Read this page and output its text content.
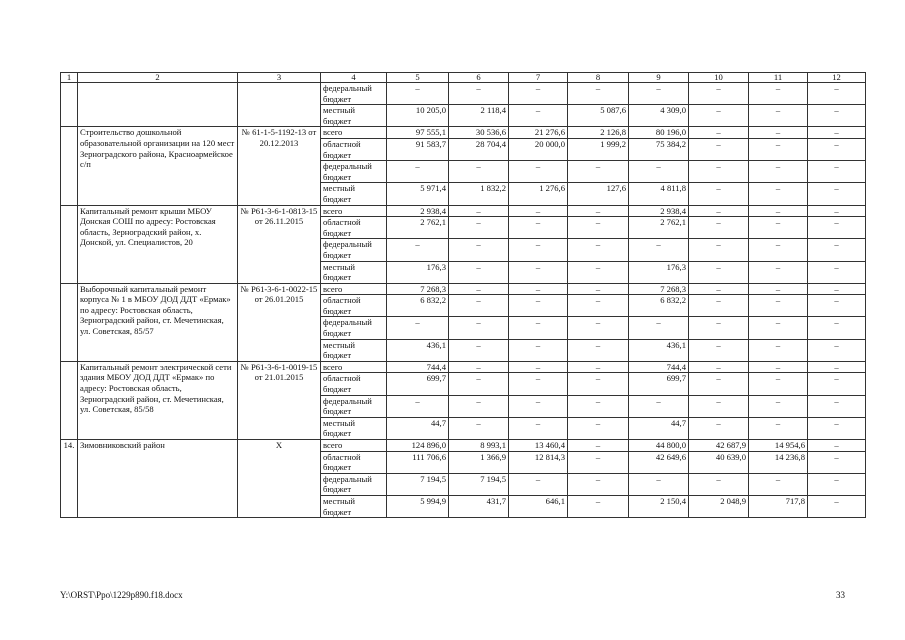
1	2	3	4	5	6	7	8	9	10	11	12
			федеральный бюджет	–	–	–	–	–	–	–	–
			местный бюджет	10 205,0	2 118,4	–	5 087,6	4 309,0	–	–	–
	Строительство дошкольной образовательной организации на 120 мест Зерноградского района, Красноармейское с/п	№ 61-1-5-1192-13 от 20.12.2013	всего	97 555,1	30 536,6	21 276,6	2 126,8	80 196,0	–	–	–
			областной бюджет	91 583,7	28 704,4	20 000,0	1 999,2	75 384,2	–	–	–
			федеральный бюджет	–	–	–	–	–	–	–	–
			местный бюджет	5 971,4	1 832,2	1 276,6	127,6	4 811,8	–	–	–
	Капитальный ремонт крыши МБОУ Донская СОШ по адресу: Ростовская область, Зерноградский район, х. Донской, ул. Специалистов, 20	№ Р61-3-6-1-0813-15 от 26.11.2015	всего	2 938,4	–	–	–	2 938,4	–	–	–
			областной бюджет	2 762,1	–	–	–	2 762,1	–	–	–
			федеральный бюджет	–	–	–	–	–	–	–	–
			местный бюджет	176,3	–	–	–	176,3	–	–	–
	Выборочный капитальный ремонт корпуса № 1 в МБОУ ДОД ДДТ «Ермак» по адресу: Ростовская область, Зерноградский район, ст. Мечетинская, ул. Советская, 85/57	№ Р61-3-6-1-0022-15 от 26.01.2015	всего	7 268,3	–	–	–	7 268,3	–	–	–
			областной бюджет	6 832,2	–	–	–	6 832,2	–	–	–
			федеральный бюджет	–	–	–	–	–	–	–	–
			местный бюджет	436,1	–	–	–	436,1	–	–	–
	Капитальный ремонт электрической сети здания МБОУ ДОД ДДТ «Ермак» по адресу: Ростовская область, Зерноградский район, ст. Мечетинская, ул. Советская, 85/58	№ Р61-3-6-1-0019-15 от 21.01.2015	всего	744,4	–	–	–	744,4	–	–	–
			областной бюджет	699,7	–	–	–	699,7	–	–	–
			федеральный бюджет	–	–	–	–	–	–	–	–
			местный бюджет	44,7	–	–	–	44,7	–	–	–
14.	Зимовниковский район	Х	всего	124 896,0	8 993,1	13 460,4	–	44 800,0	42 687,9	14 954,6	–
			областной бюджет	111 706,6	1 366,9	12 814,3	–	42 649,6	40 639,0	14 236,8	–
			федеральный бюджет	7 194,5	7 194,5	–	–	–	–	–	–
			местный бюджет	5 994,9	431,7	646,1	–	2 150,4	2 048,9	717,8	–
Y:\ORST\Ppo\1229p890.f18.docx	33
